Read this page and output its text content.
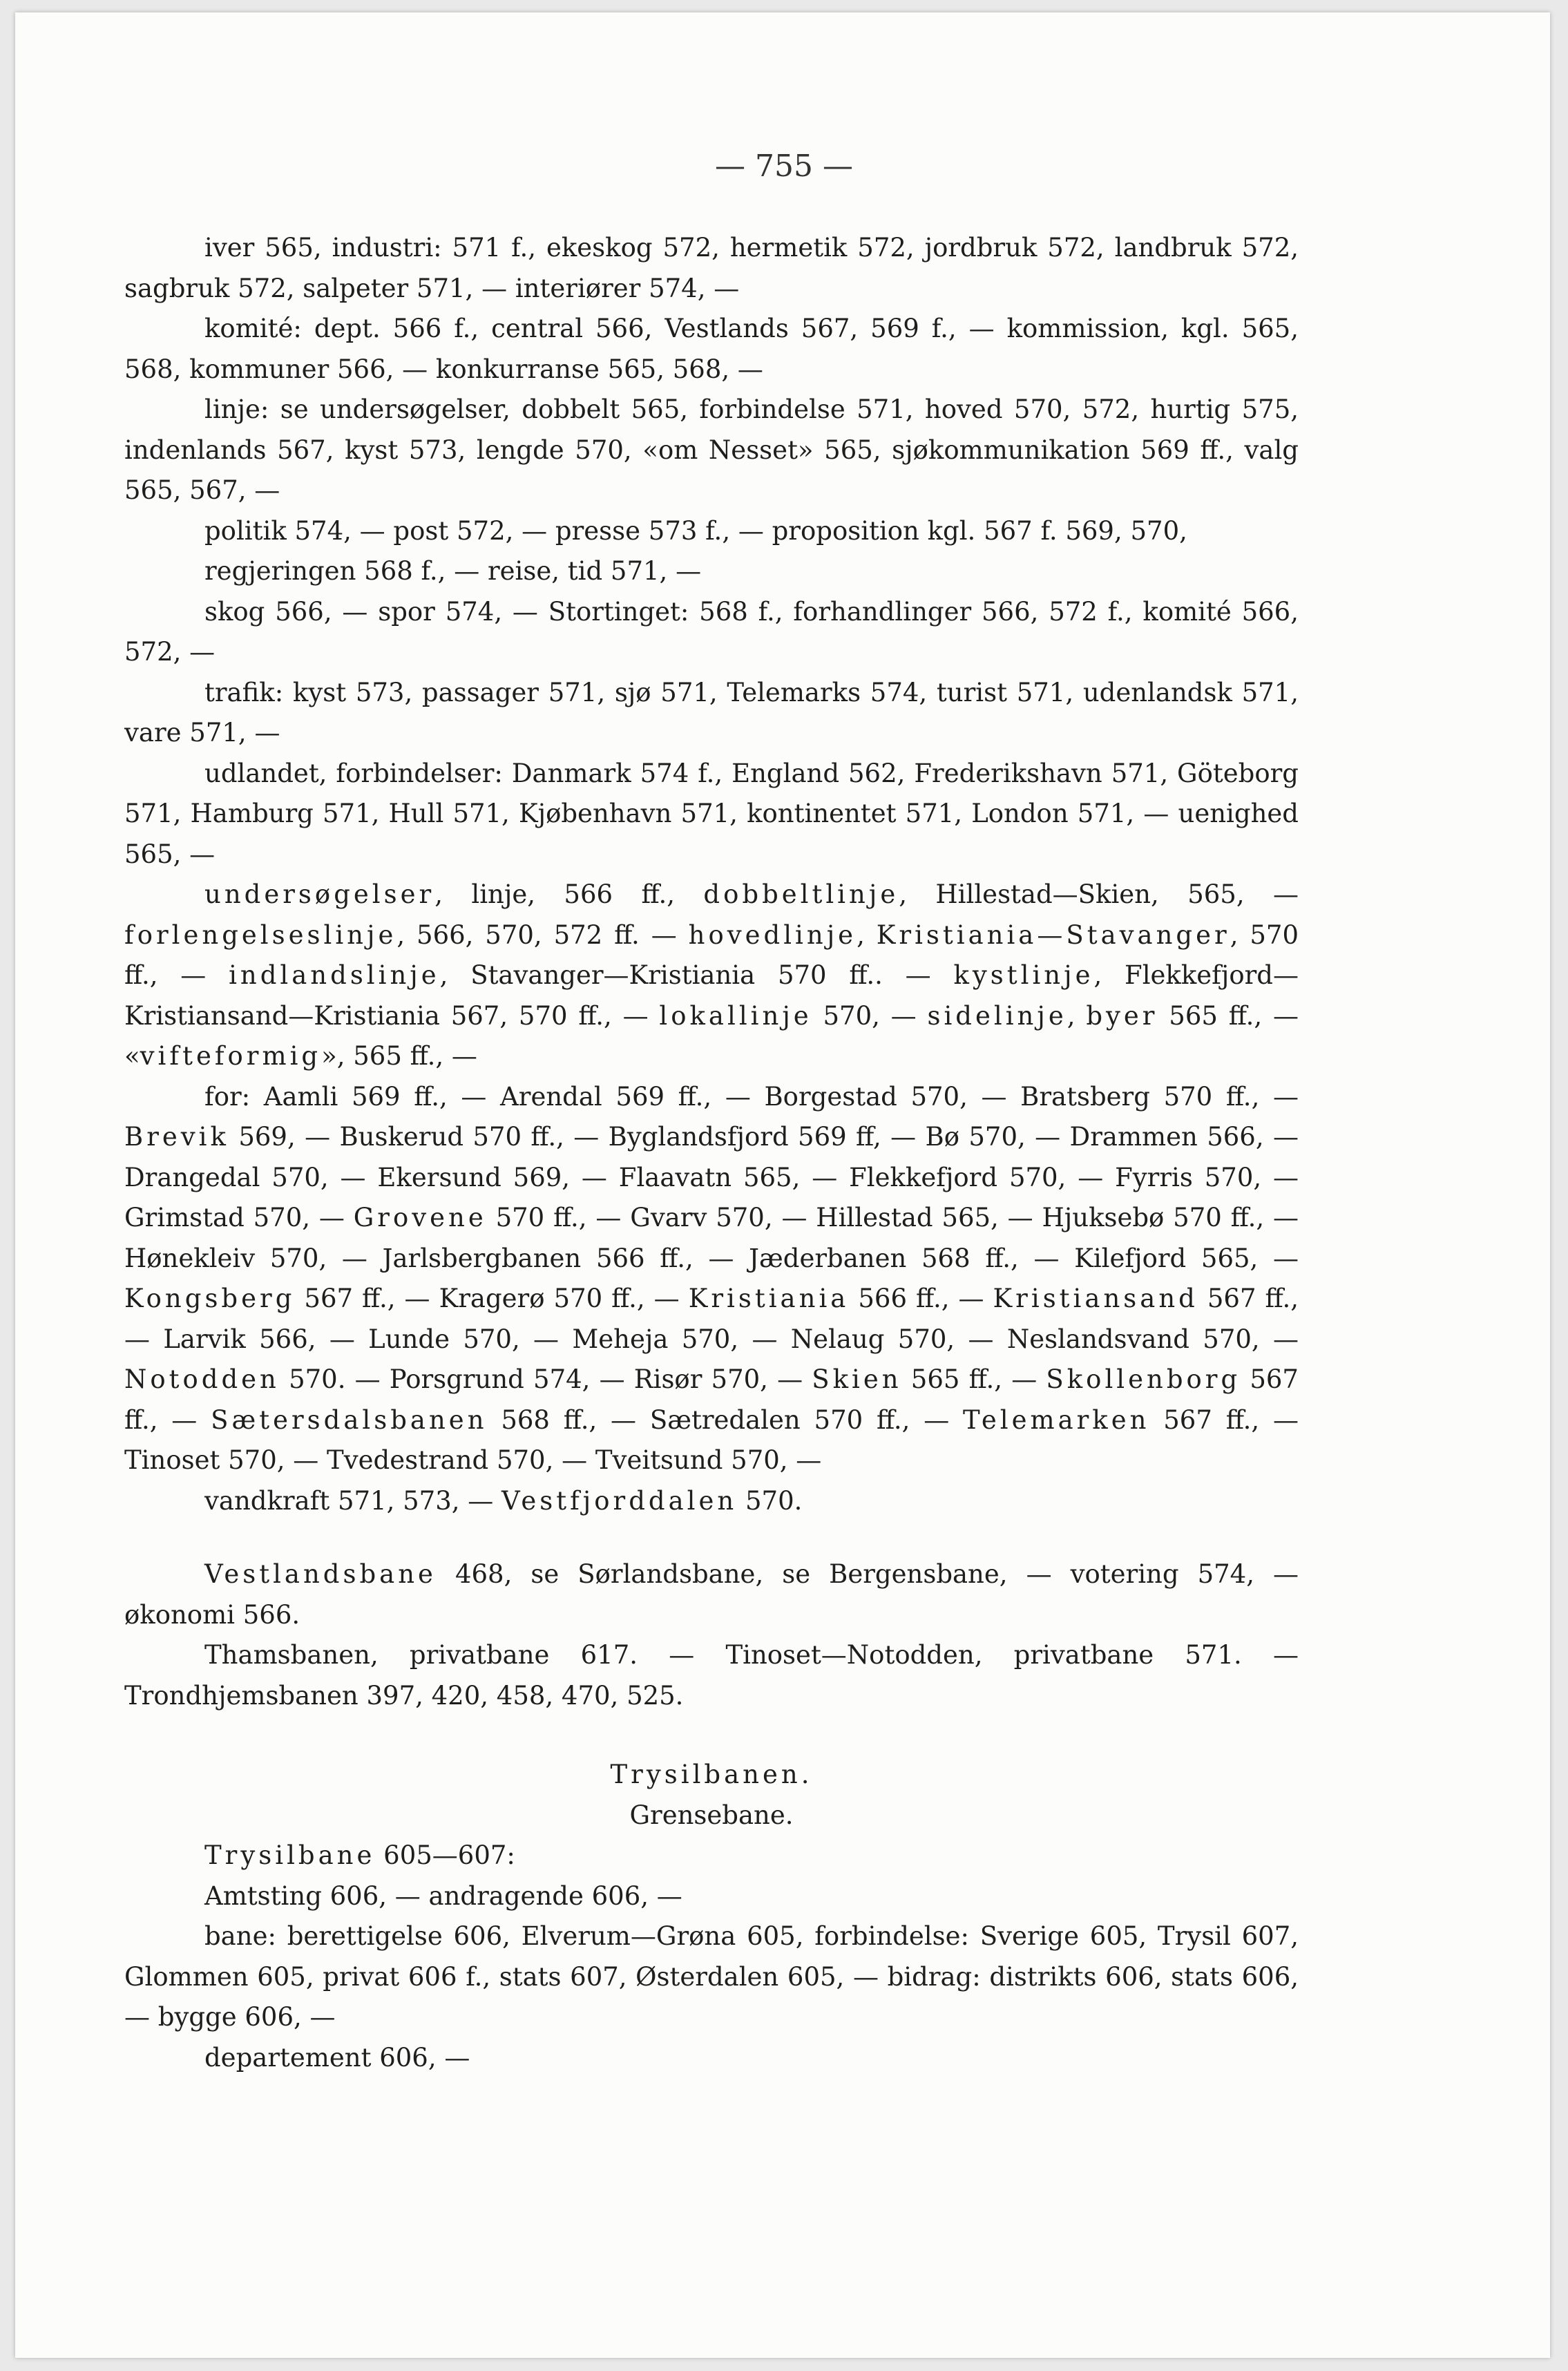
— 755 —

iver 565, industri: 571 f., ekeskog 572, hermetik 572, jordbruk 572, landbruk 572, sagbruk 572, salpeter 571, — interiører 574, —

komité: dept. 566 f., central 566, Vestlands 567, 569 f., — kommission, kgl. 565, 568, kommuner 566, — konkurranse 565, 568, —

linje: se undersøgelser, dobbelt 565, forbindelse 571, hoved 570, 572, hurtig 575, indenlands 567, kyst 573, lengde 570, «om Nesset» 565, sjøkommunikation 569 ff., valg 565, 567, —

politik 574, — post 572, — presse 573 f., — proposition kgl. 567 f. 569, 570,

regjeringen 568 f., — reise, tid 571, —

skog 566, — spor 574, — Stortinget: 568 f., forhandlinger 566, 572 f., komité 566, 572, —

trafik: kyst 573, passager 571, sjø 571, Telemarks 574, turist 571, udenlandsk 571, vare 571, —

udlandet, forbindelser: Danmark 574 f., England 562, Frederikshavn 571, Göteborg 571, Hamburg 571, Hull 571, Kjøbenhavn 571, kontinentet 571, London 571, — uenighed 565, —

undersøgelser, linje, 566 ff., dobbeltlinje, Hillestad—Skien, 565, — forlengelseslinje, 566, 570, 572 ff. — hovedlinje, Kristiania—Stavanger, 570 ff., — indlandslinje, Stavanger—Kristiania 570 ff.. — kystlinje, Flekkefjord—Kristiansand—Kristiania 567, 570 ff., — lokallinje 570, — sidelinje, byer 565 ff., — «vifteformig», 565 ff., —

for: Aamli 569 ff., — Arendal 569 ff., — Borgestad 570, — Bratsberg 570 ff., — Brevik 569, — Buskerud 570 ff., — Byglandsfjord 569 ff, — Bø 570, — Drammen 566, — Drangedal 570, — Ekersund 569, — Flaavatn 565, — Flekkefjord 570, — Fyrris 570, — Grimstad 570, — Grovene 570 ff., — Gvarv 570, — Hillestad 565, — Hjuksebø 570 ff., — Hønekleiv 570, — Jarlsbergbanen 566 ff., — Jæderbanen 568 ff., — Kilefjord 565, — Kongsberg 567 ff., — Kragerø 570 ff., — Kristiania 566 ff., — Kristiansand 567 ff., — Larvik 566, — Lunde 570, — Meheja 570, — Nelaug 570, — Neslandsvand 570, — Notodden 570. — Porsgrund 574, — Risør 570, — Skien 565 ff., — Skollenborg 567 ff., — Sætersdalsbanen 568 ff., — Sætredalen 570 ff., — Telemarken 567 ff., — Tinoset 570, — Tvedestrand 570, — Tveitsund 570, —

vandkraft 571, 573, — Vestfjorddalen 570.

Vestlandsbane 468, se Sørlandsbane, se Bergensbane, — votering 574, — økonomi 566.

Thamsbanen, privatbane 617. — Tinoset—Notodden, privatbane 571. — Trondhjemsbanen 397, 420, 458, 470, 525.

Trysilbanen.

Grensebane.

Trysilbane 605—607:

Amtsting 606, — andragende 606, —

bane: berettigelse 606, Elverum—Grøna 605, forbindelse: Sverige 605, Trysil 607, Glommen 605, privat 606 f., stats 607, Østerdalen 605, — bidrag: distrikts 606, stats 606, — bygge 606, —

departement 606, —
